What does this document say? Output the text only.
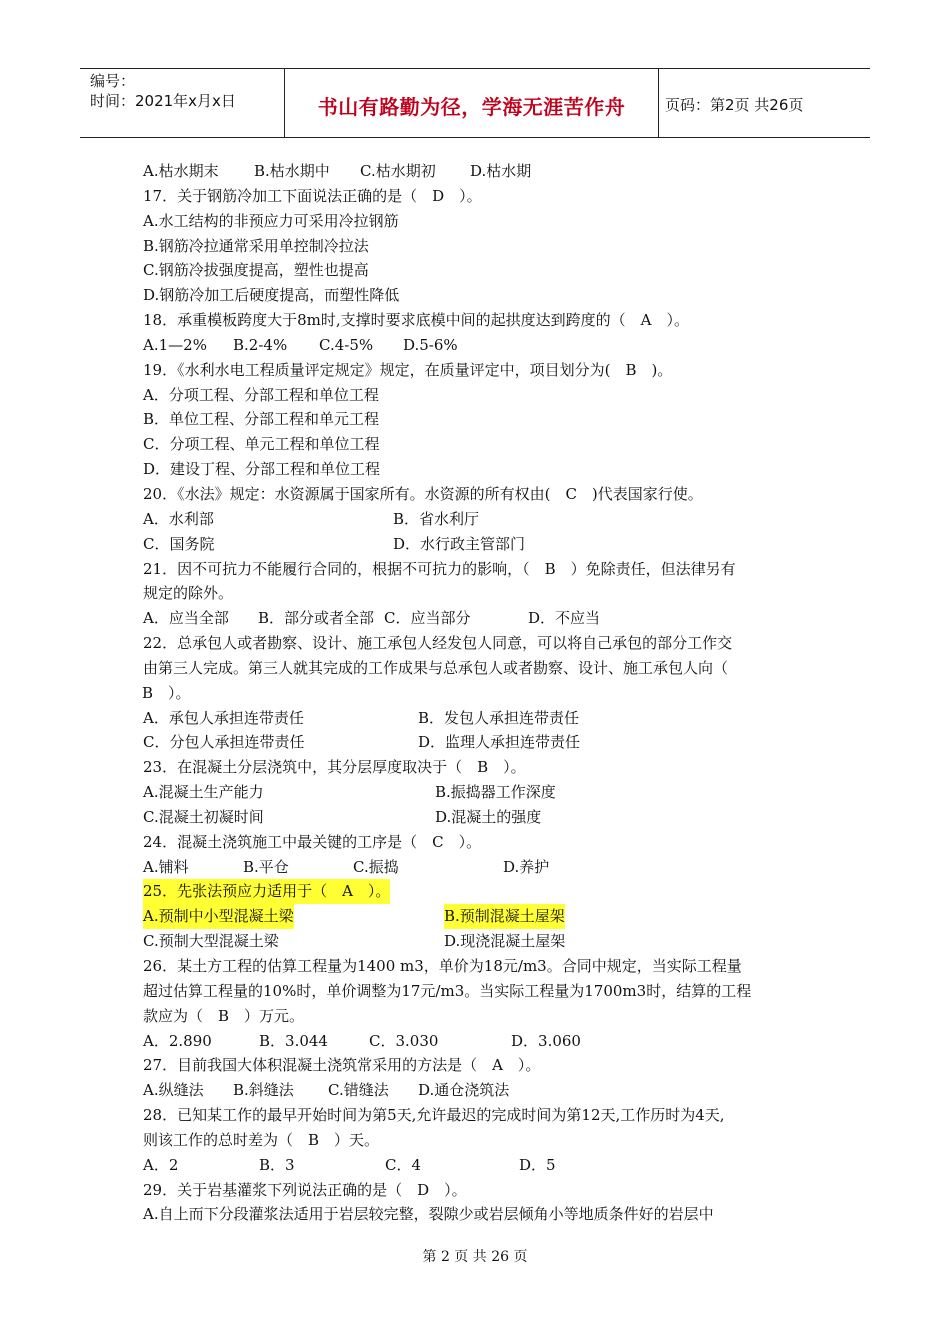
编号：
时间：2021年x月x日	书山有路勤为径，学海无涯苦作舟	页码：第2页 共26页
A.枯水期末 B.枯水期中 C.枯水期初 D.枯水期
17．关于钢筋冷加工下面说法正确的是（　D　）。
A.水工结构的非预应力可采用冷拉钢筋
B.钢筋冷拉通常采用单控制冷拉法
C.钢筋冷拔强度提高，塑性也提高
D.钢筋冷加工后硬度提高，而塑性降低
18．承重模板跨度大于8m时,支撑时要求底模中间的起拱度达到跨度的（　A　）。
A.1—2% B.2-4% C.4-5% D.5-6%
19．《水利水电工程质量评定规定》规定，在质量评定中，项目划分为(　B　)。
A．分项工程、分部工程和单位工程
B．单位工程、分部工程和单元工程
C．分项工程、单元工程和单位工程
D．建设丁程、分部工程和单位工程
20．《水法》规定：水资源属于国家所有。水资源的所有权由(　C　)代表国家行使。
A．水利部	B．省水利厅
C．国务院	D．水行政主管部门
21．因不可抗力不能履行合同的，根据不可抗力的影响，（　B　）免除责任，但法律另有
规定的除外。
A．应当全部 B．部分或者全部 C．应当部分	D．不应当
22．总承包人或者勘察、设计、施工承包人经发包人同意，可以将自己承包的部分工作交
由第三人完成。第三人就其完成的工作成果与总承包人或者勘察、设计、施工承包人向（
B　）。
A．承包人承担连带责任	B．发包人承担连带责任
C．分包人承担连带责任	D．监理人承担连带责任
23．在混凝土分层浇筑中，其分层厚度取决于（　B　）。
A.混凝土生产能力	B.振捣器工作深度
C.混凝土初凝时间	D.混凝土的强度
24．混凝土浇筑施工中最关键的工序是（　C　）。
A.铺料	B.平仓	C.振捣	D.养护
25．先张法预应力适用于（　A　）。
A.预制中小型混凝土梁	B.预制混凝土屋架
C.预制大型混凝土梁	D.现浇混凝土屋架
26．某土方工程的估算工程量为1400 m3，单价为18元/m3。合同中规定，当实际工程量
超过估算工程量的10%时，单价调整为17元/m3。当实际工程量为1700m3时，结算的工程
款应为（　B　）万元。
A．2.890	B．3.044	C．3.030	D．3.060
27．目前我国大体积混凝土浇筑常采用的方法是（　A　）。
A.纵缝法 B.斜缝法 C.错缝法 D.通仓浇筑法
28．已知某工作的最早开始时间为第5天,允许最迟的完成时间为第12天,工作历时为4天,
则该工作的总时差为（　B　）天。
A．2	B．3	C．4	D．5
29．关于岩基灌浆下列说法正确的是（　D　）。
A.自上而下分段灌浆法适用于岩层较完整，裂隙少或岩层倾角小等地质条件好的岩层中
第 2 页 共 26 页
